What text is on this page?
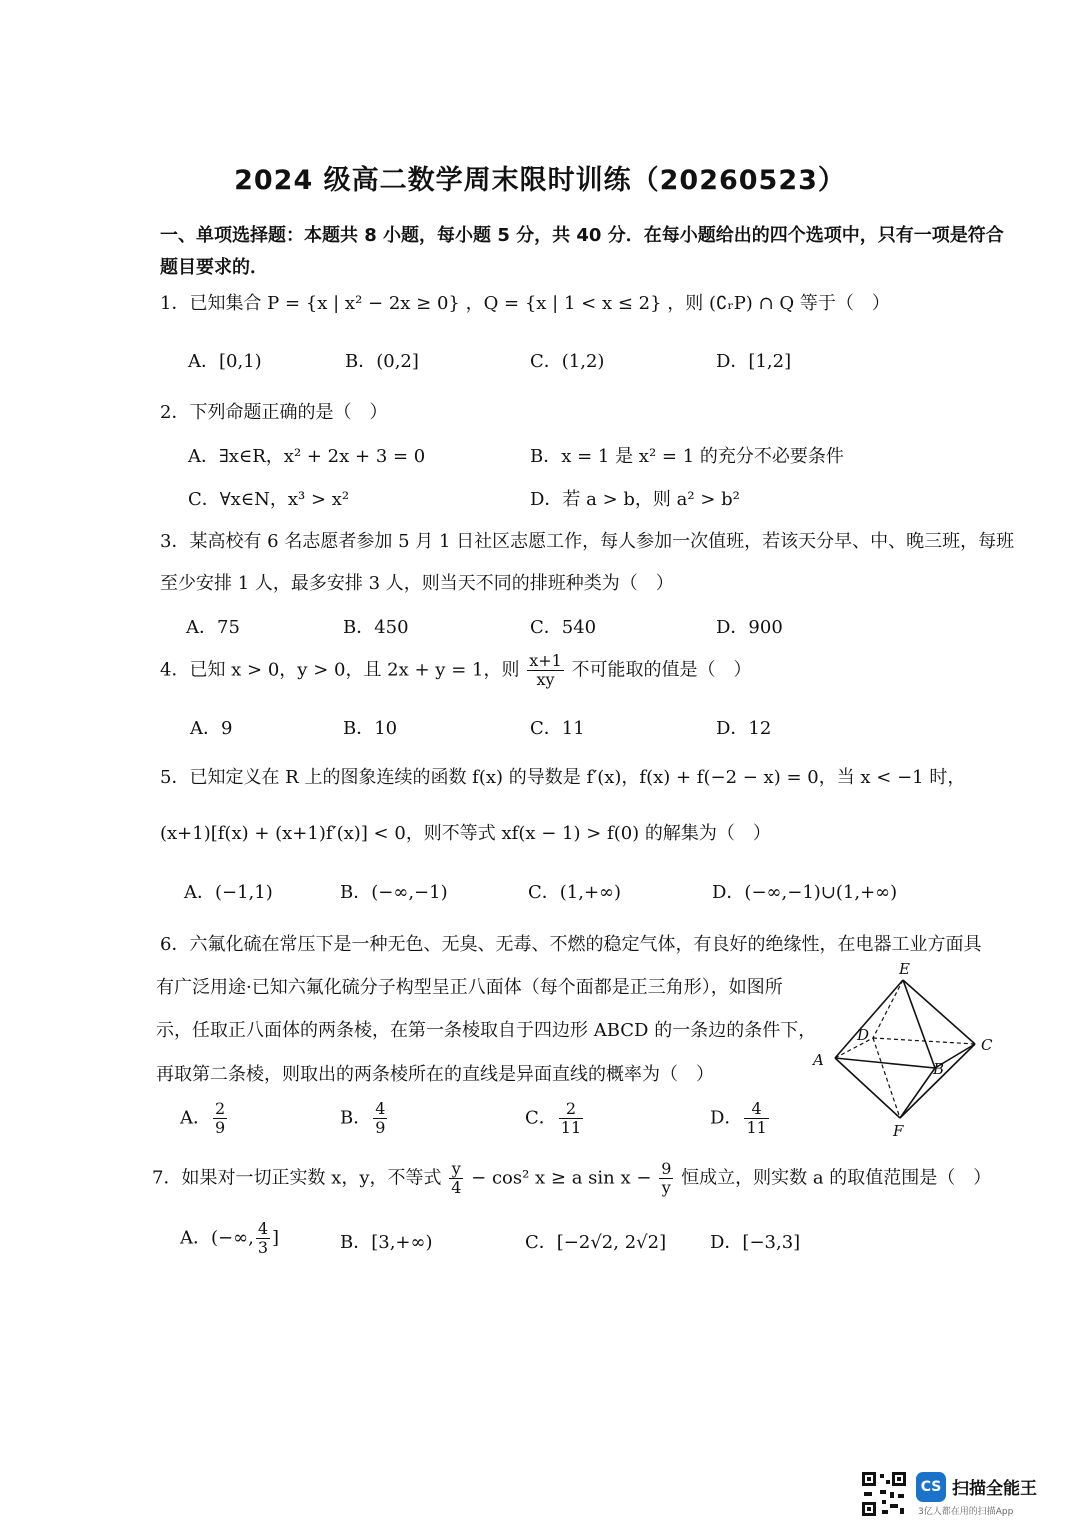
2024 级高二数学周末限时训练（20260523）
一、单项选择题：本题共 8 小题，每小题 5 分，共 40 分．在每小题给出的四个选项中，只有一项是符合题目要求的．
1．已知集合 P = {x | x² − 2x ≥ 0} ，Q = {x | 1 < x ≤ 2} ，则 (∁ᵣP) ∩ Q 等于（　）
A．[0,1)	B．(0,2]	C．(1,2)	D．[1,2]
2．下列命题正确的是（　）
A．∃x∈R，x² + 2x + 3 = 0	B．x = 1 是 x² = 1 的充分不必要条件
C．∀x∈N，x³ > x²	D．若 a > b，则 a² > b²
3．某高校有 6 名志愿者参加 5 月 1 日社区志愿工作，每人参加一次值班，若该天分早、中、晚三班，每班
至少安排 1 人，最多安排 3 人，则当天不同的排班种类为（　）
A．75	B．450	C．540	D．900
4．已知 x > 0，y > 0，且 2x + y = 1，则 $\frac{x+1}{xy}$ 不可能取的值是（　）
A．9	B．10	C．11	D．12
5．已知定义在 R 上的图象连续的函数 f(x) 的导数是 f′(x)，f(x) + f(−2 − x) = 0，当 x < −1 时，
(x+1)[f(x) + (x+1)f′(x)] < 0，则不等式 xf(x − 1) > f(0) 的解集为（　）
A．(−1,1)	B．(−∞,−1)	C．(1,+∞)	D．(−∞,−1)∪(1,+∞)
6．六氟化硫在常压下是一种无色、无臭、无毒、不燃的稳定气体，有良好的绝缘性，在电器工业方面具
有广泛用途·已知六氟化硫分子构型呈正八面体（每个面都是正三角形），如图所
示，任取正八面体的两条棱，在第一条棱取自于四边形 ABCD 的一条边的条件下，
再取第二条棱，则取出的两条棱所在的直线是异面直线的概率为（　）
A． $\frac{2}{9}$	B． $\frac{4}{9}$	C． $\frac{2}{11}$	D． $\frac{4}{11}$
E
D
C
A	B
F
7．如果对一切正实数 x，y，不等式 $\frac{y}{4} - \cos^2$ x ≥ a $\sin x - \frac{9}{y}$ 恒成立，则实数 a 的取值范围是（　）
A．(−∞, $\frac{4}{3}$ ]	B．[3,+∞)	C．[−2√2, 2√2] D．[−3,3]
CS 扫描全能王
3亿人都在用的扫描App
